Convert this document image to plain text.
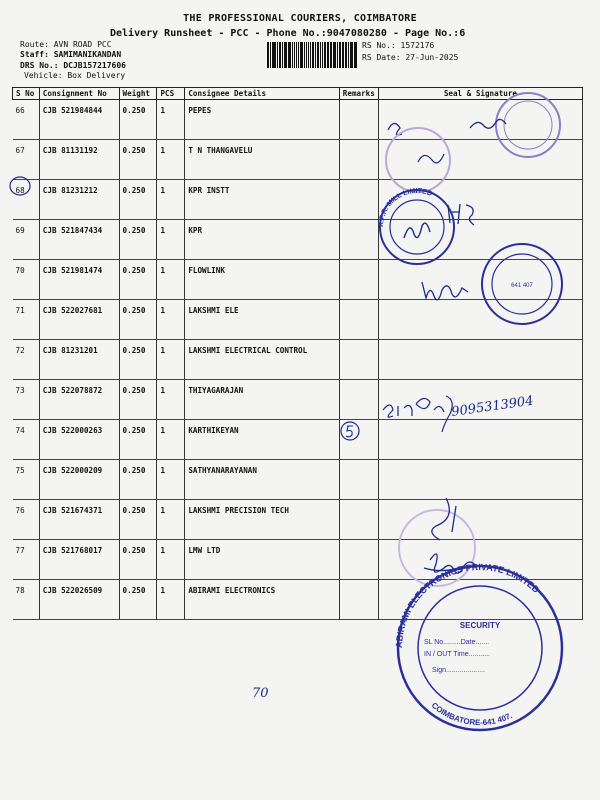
THE PROFESSIONAL COURIERS, COIMBATORE
Delivery Runsheet - PCC - Phone No.:9047080280 - Page No.:6
Route: AVN ROAD PCC
Staff: SAMIMANIKANDAN
DRS No.: DCJB157217606
Vehicle: Box Delivery
RS No.: 1572176
RS Date: 27-Jun-2025
S No	Consignment No	Weight	PCS	Consignee Details	Remarks	Seal & Signature
66	CJB 521984844	0.250	1	PEPES		
67	CJB 81131192	0.250	1	T N THANGAVELU		
68	CJB 81231212	0.250	1	KPR INSTT		
69	CJB 521847434	0.250	1	KPR		
70	CJB 521981474	0.250	1	FLOWLINK		
71	CJB 522027681	0.250	1	LAKSHMI ELE		
72	CJB 81231201	0.250	1	LAKSHMI ELECTRICAL CONTROL		
73	CJB 522078872	0.250	1	THIYAGARAJAN		
74	CJB 522000263	0.250	1	KARTHIKEYAN		
75	CJB 522000209	0.250	1	SATHYANARAYANAN		
76	CJB 521674371	0.250	1	LAKSHMI PRECISION TECH		
77	CJB 521768017	0.250	1	LMW LTD		
78	CJB 522026509	0.250	1	ABIRAMI ELECTRONICS		
K.P.R. MILL LIMITED
641 407
9095313904
ABIRAMI ELECTRONICS PRIVATE LIMITED
COIMBATORE-641 407.
SECURITY
SL No.........Date.......
IN / OUT Time...........
Sign....................
70
